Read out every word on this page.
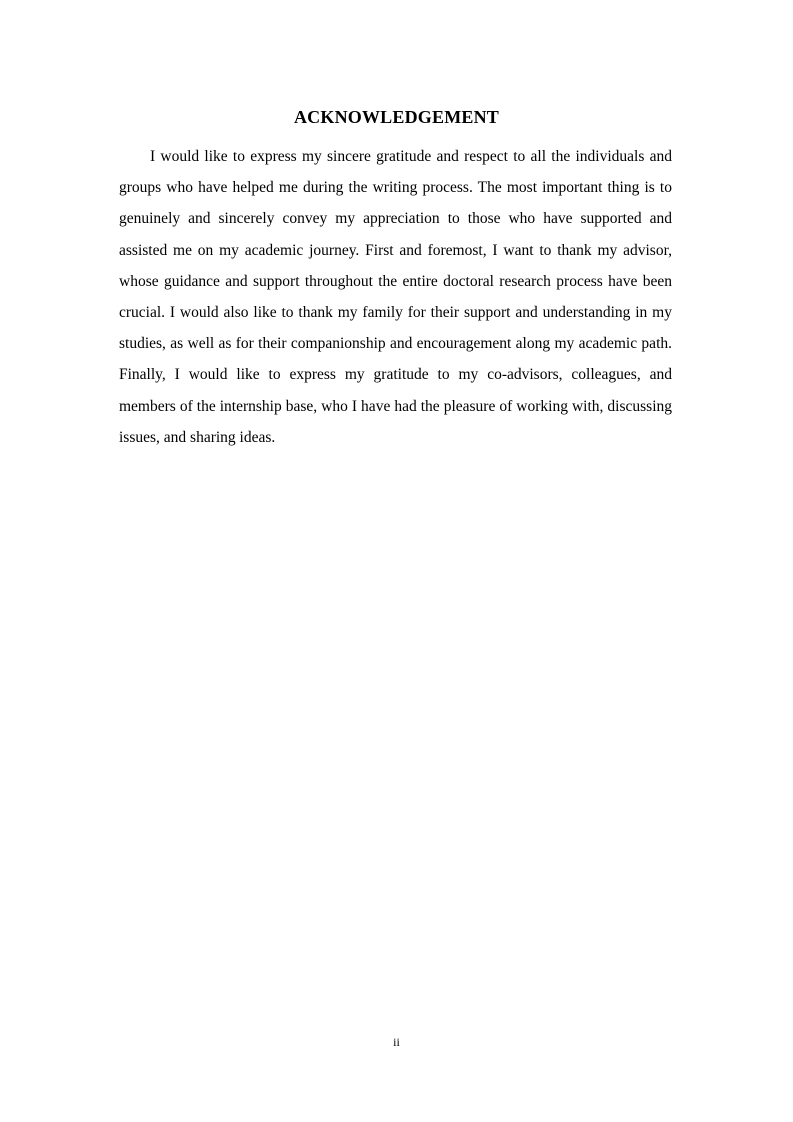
ACKNOWLEDGEMENT

I would like to express my sincere gratitude and respect to all the individuals and groups who have helped me during the writing process. The most important thing is to genuinely and sincerely convey my appreciation to those who have supported and assisted me on my academic journey. First and foremost, I want to thank my advisor, whose guidance and support throughout the entire doctoral research process have been crucial. I would also like to thank my family for their support and understanding in my studies, as well as for their companionship and encouragement along my academic path. Finally, I would like to express my gratitude to my co-advisors, colleagues, and members of the internship base, who I have had the pleasure of working with, discussing issues, and sharing ideas.

ii
